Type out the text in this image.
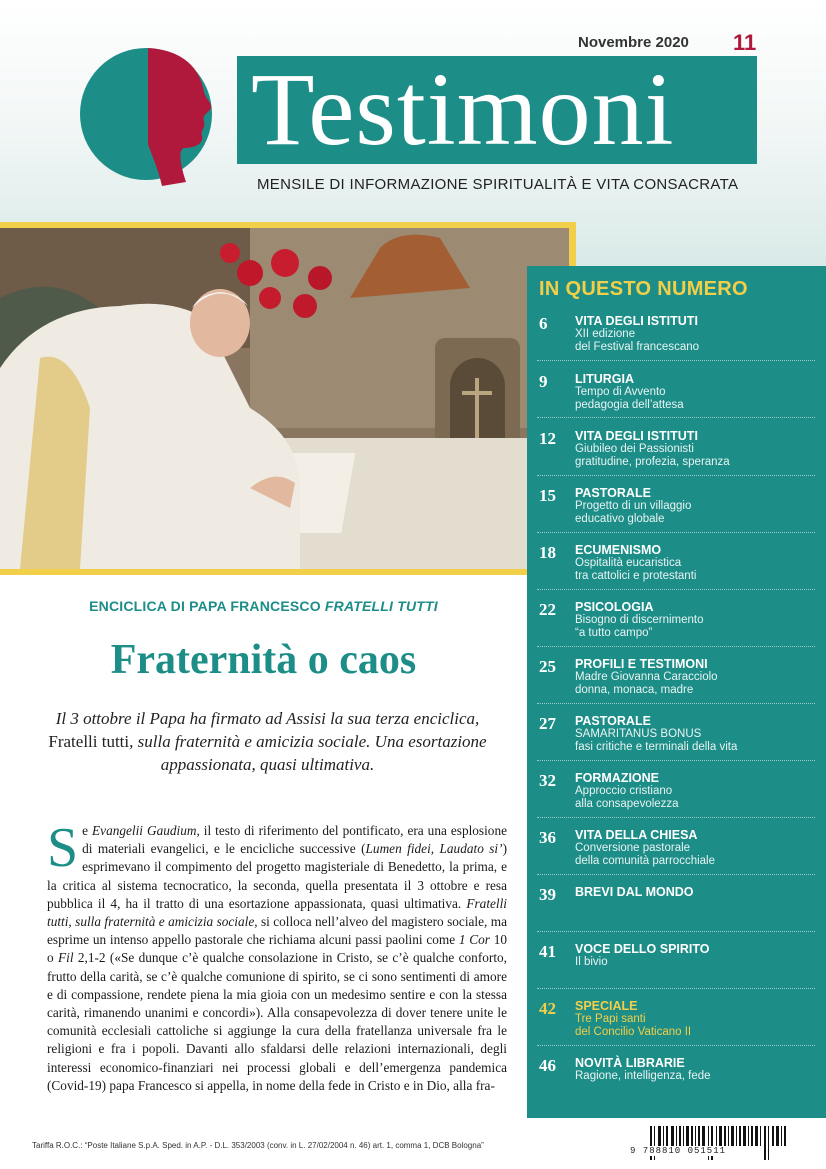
Novembre 2020 11
Testimoni
MENSILE DI INFORMAZIONE SPIRITUALITÀ E VITA CONSACRATA
IN QUESTO NUMERO
6 VITA DEGLI ISTITUTI
XII edizione
del Festival francescano
9 LITURGIA
Tempo di Avvento
pedagogia dell’attesa
12 VITA DEGLI ISTITUTI
Giubileo dei Passionisti
gratitudine, profezia, speranza
15 PASTORALE
Progetto di un villaggio
educativo globale
18 ECUMENISMO
Ospitalità eucaristica
tra cattolici e protestanti
22 PSICOLOGIA
Bisogno di discernimento
“a tutto campo”
25 PROFILI E TESTIMONI
Madre Giovanna Caracciolo
donna, monaca, madre
27 PASTORALE
SAMARITANUS BONUS
fasi critiche e terminali della vita
32 FORMAZIONE
Approccio cristiano
alla consapevolezza
36 VITA DELLA CHIESA
Conversione pastorale
della comunità parrocchiale
39 BREVI DAL MONDO
41 VOCE DELLO SPIRITO
Il bivio
42 SPECIALE
Tre Papi santi
del Concilio Vaticano II
46 NOVITÀ LIBRARIE
Ragione, intelligenza, fede
ENCICLICA DI PAPA FRANCESCO FRATELLI TUTTI
Fraternità o caos
Il 3 ottobre il Papa ha firmato ad Assisi la sua terza enciclica, Fratelli tutti, sulla fraternità e amicizia sociale. Una esortazione appassionata, quasi ultimativa.
Se Evangelii Gaudium, il testo di riferimento del pontificato, era una esplosione di materiali evangelici, e le encicliche successive (Lumen fidei, Laudato si’) esprimevano il compimento del progetto magisteriale di Benedetto, la prima, e la critica al sistema tecnocratico, la seconda, quella presentata il 3 ottobre e resa pubblica il 4, ha il tratto di una esortazione appassionata, quasi ultimativa. Fratelli tutti, sulla fraternità e amicizia sociale, si colloca nell’alveo del magistero sociale, ma esprime un intenso appello pastorale che richiama alcuni passi paolini come 1 Cor 10 o Fil 2,1-2 («Se dunque c’è qualche consolazione in Cristo, se c’è qualche conforto, frutto della carità, se c’è qualche comunione di spirito, se ci sono sentimenti di amore e di compassione, rendete piena la mia gioia con un medesimo sentire e con la stessa carità, rimanendo unanimi e concordi»). Alla consapevolezza di dover tenere unite le comunità ecclesiali cattoliche si aggiunge la cura della fratellanza universale fra le religioni e fra i popoli. Davanti allo sfaldarsi delle relazioni internazionali, degli interessi economico-finanziari nei processi globali e dell’emergenza pandemica (Covid-19) papa Francesco si appella, in nome della fede in Cristo e in Dio, alla fra-
Tariffa R.O.C.: “Poste Italiane S.p.A. Sped. in A.P. - D.L. 353/2003 (conv. in L. 27/02/2004 n. 46) art. 1, comma 1, DCB Bologna”
9 788810 051511
